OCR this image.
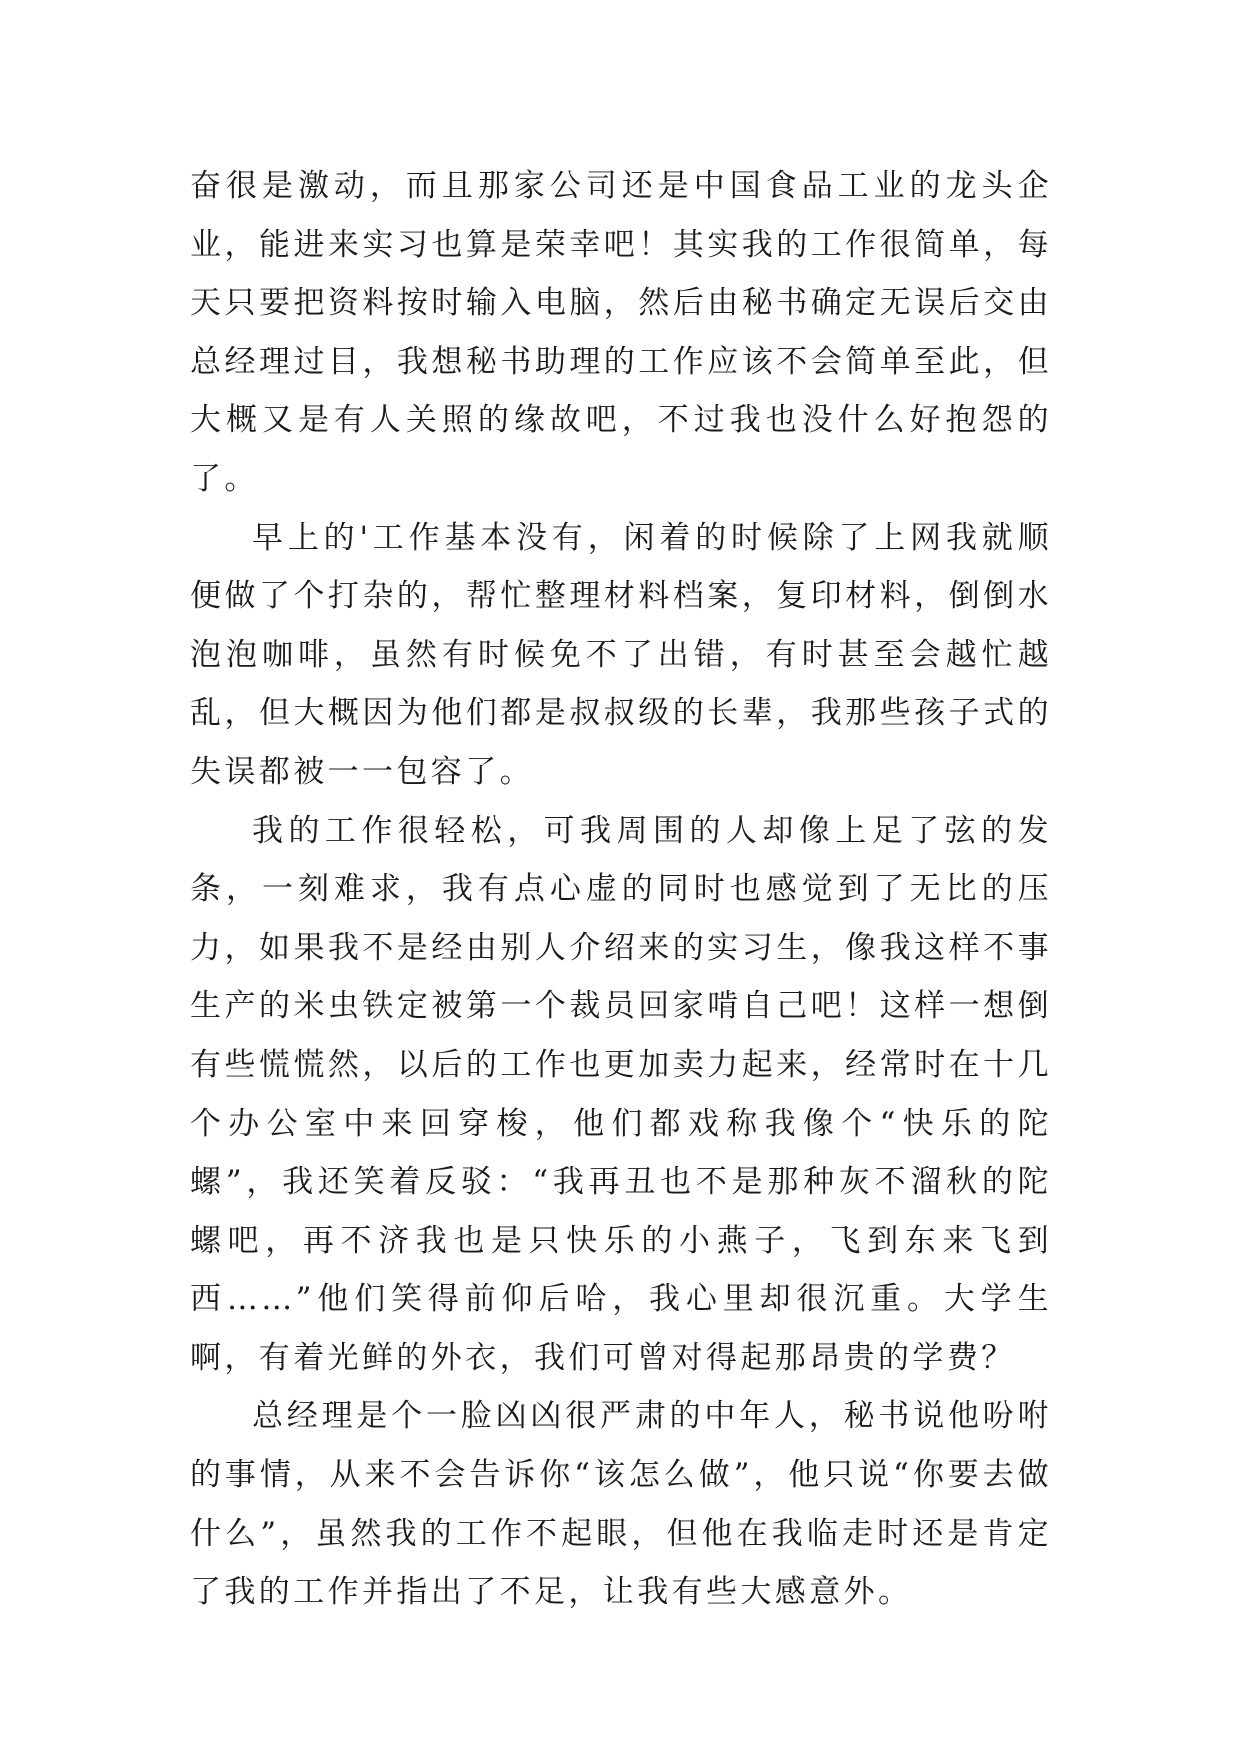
奋很是激动，而且那家公司还是中国食品工业的龙头企业，能进来实习也算是荣幸吧！其实我的工作很简单，每天只要把资料按时输入电脑，然后由秘书确定无误后交由总经理过目，我想秘书助理的工作应该不会简单至此，但大概又是有人关照的缘故吧，不过我也没什么好抱怨的了。

早上的'工作基本没有，闲着的时候除了上网我就顺便做了个打杂的，帮忙整理材料档案，复印材料，倒倒水泡泡咖啡，虽然有时候免不了出错，有时甚至会越忙越乱，但大概因为他们都是叔叔级的长辈，我那些孩子式的失误都被一一包容了。

我的工作很轻松，可我周围的人却像上足了弦的发条，一刻难求，我有点心虚的同时也感觉到了无比的压力，如果我不是经由别人介绍来的实习生，像我这样不事生产的米虫铁定被第一个裁员回家啃自己吧！这样一想倒有些慌慌然，以后的工作也更加卖力起来，经常时在十几个办公室中来回穿梭，他们都戏称我像个“快乐的陀螺”，我还笑着反驳：“我再丑也不是那种灰不溜秋的陀螺吧，再不济我也是只快乐的小燕子，飞到东来飞到西……”他们笑得前仰后哈，我心里却很沉重。大学生啊，有着光鲜的外衣，我们可曾对得起那昂贵的学费？

总经理是个一脸凶凶很严肃的中年人，秘书说他吩咐的事情，从来不会告诉你“该怎么做”，他只说“你要去做什么”，虽然我的工作不起眼，但他在我临走时还是肯定了我的工作并指出了不足，让我有些大感意外。
